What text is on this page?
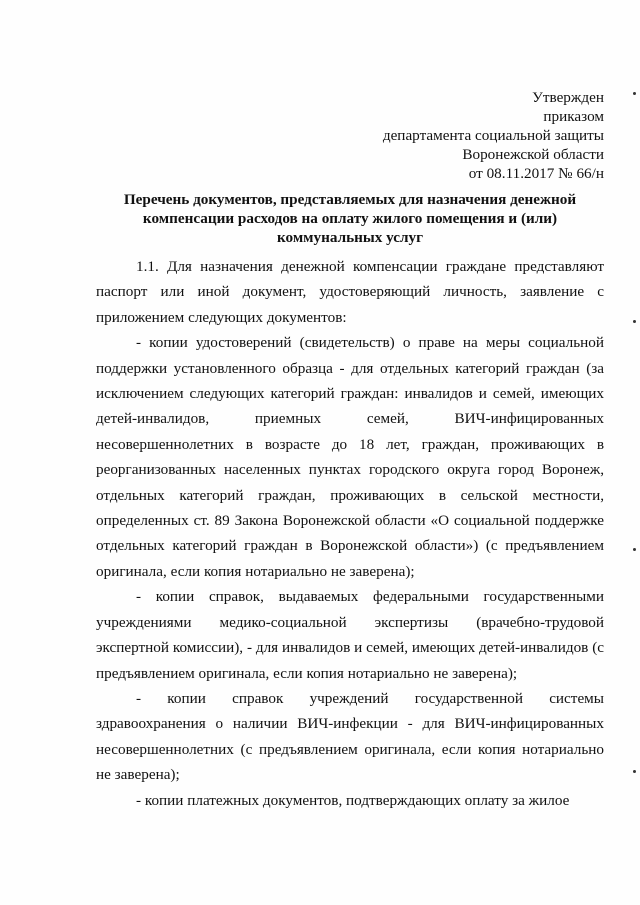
Утвержден
приказом
департамента социальной защиты
Воронежской области
от 08.11.2017 № 66/н
Перечень документов, представляемых для назначения денежной
компенсации расходов на оплату жилого помещения и (или)
коммунальных услуг

1.1. Для назначения денежной компенсации граждане представляют паспорт или иной документ, удостоверяющий личность, заявление с приложением следующих документов:

- копии удостоверений (свидетельств) о праве на меры социальной поддержки установленного образца - для отдельных категорий граждан (за исключением следующих категорий граждан: инвалидов и семей, имеющих детей-инвалидов, приемных семей, ВИЧ-инфицированных несовершеннолетних в возрасте до 18 лет, граждан, проживающих в реорганизованных населенных пунктах городского округа город Воронеж, отдельных категорий граждан, проживающих в сельской местности, определенных ст. 89 Закона Воронежской области «О социальной поддержке отдельных категорий граждан в Воронежской области») (с предъявлением оригинала, если копия нотариально не заверена);

- копии справок, выдаваемых федеральными государственными учреждениями медико-социальной экспертизы (врачебно-трудовой экспертной комиссии), - для инвалидов и семей, имеющих детей-инвалидов (с предъявлением оригинала, если копия нотариально не заверена);

- копии справок учреждений государственной системы здравоохранения о наличии ВИЧ-инфекции - для ВИЧ-инфицированных несовершеннолетних (с предъявлением оригинала, если копия нотариально не заверена);

- копии платежных документов, подтверждающих оплату за жилое
